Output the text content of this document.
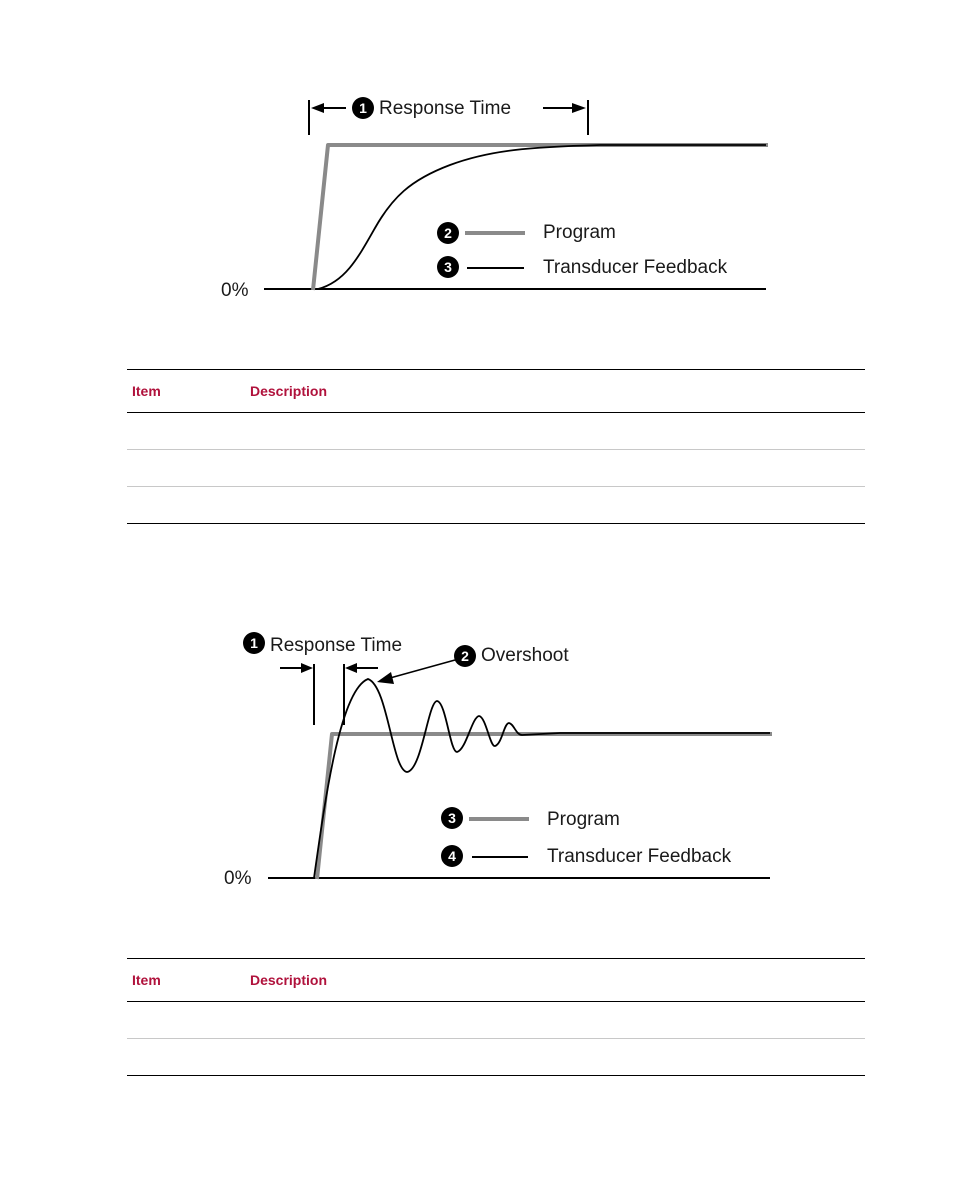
1 Response Time
0%
2	Program
3	Transducer Feedback
Item	Description

1 Response Time	2 Overshoot
0%
3	Program
4	Transducer Feedback
Item	Description
